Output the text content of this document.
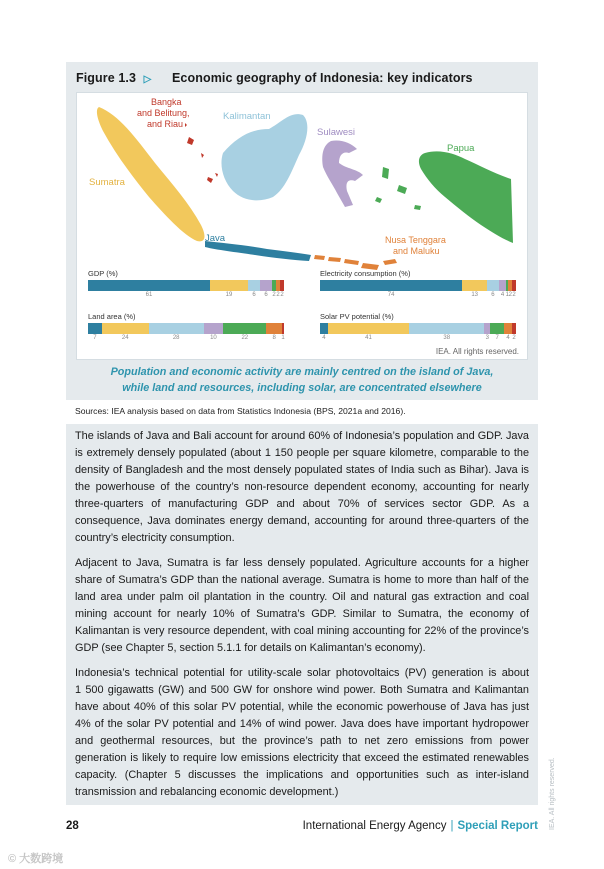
Figure 1.3 ▷ Economic geography of Indonesia: key indicators
Bangka
and Belitung,
and Riau
Kalimantan
Sulawesi
Papua
Sumatra
Java	Nusa Tenggara
and Maluku
GDP (%)
61	19	6 6 2 2 2
Electricity consumption (%)
74	13 6 4 1 2 2
Land area (%)
7	24	28	10	22	8 1
Solar PV potential (%)
4	41	38	3 7 4 2
IEA. All rights reserved.
Population and economic activity are mainly centred on the island of Java,
while land and resources, including solar, are concentrated elsewhere
Sources: IEA analysis based on data from Statistics Indonesia (BPS, 2021a and 2016).

The islands of Java and Bali account for around 60% of Indonesia’s population and GDP. Java is extremely densely populated (about 1 150 people per square kilometre, comparable to the density of Bangladesh and the most densely populated states of India such as Bihar). Java is the powerhouse of the country’s non-resource dependent economy, accounting for nearly three-quarters of manufacturing GDP and about 70% of services sector GDP. As a consequence, Java dominates energy demand, accounting for around three-quarters of the country’s electricity consumption.

Adjacent to Java, Sumatra is far less densely populated. Agriculture accounts for a higher share of Sumatra’s GDP than the national average. Sumatra is home to more than half of the land area under palm oil plantation in the country. Oil and natural gas extraction and coal mining account for nearly 10% of Sumatra’s GDP. Similar to Sumatra, the economy of Kalimantan is very resource dependent, with coal mining accounting for 22% of the province’s GDP (see Chapter 5, section 5.1.1 for details on Kalimantan’s economy).

Indonesia’s technical potential for utility-scale solar photovoltaics (PV) generation is about 1 500 gigawatts (GW) and 500 GW for onshore wind power. Both Sumatra and Kalimantan have about 40% of this solar PV potential, while the economic powerhouse of Java has just 4% of the solar PV potential and 14% of wind power. Java does have important hydropower and geothermal resources, but the province’s path to net zero emissions from power generation is likely to require low emissions electricity that exceed the estimated renewables capacity. (Chapter 5 discusses the implications and opportunities such as inter-island transmission and rebalancing economic development.)

28	International Energy Agency | Special Report IEA. All rights reserved.
© 大数跨境
